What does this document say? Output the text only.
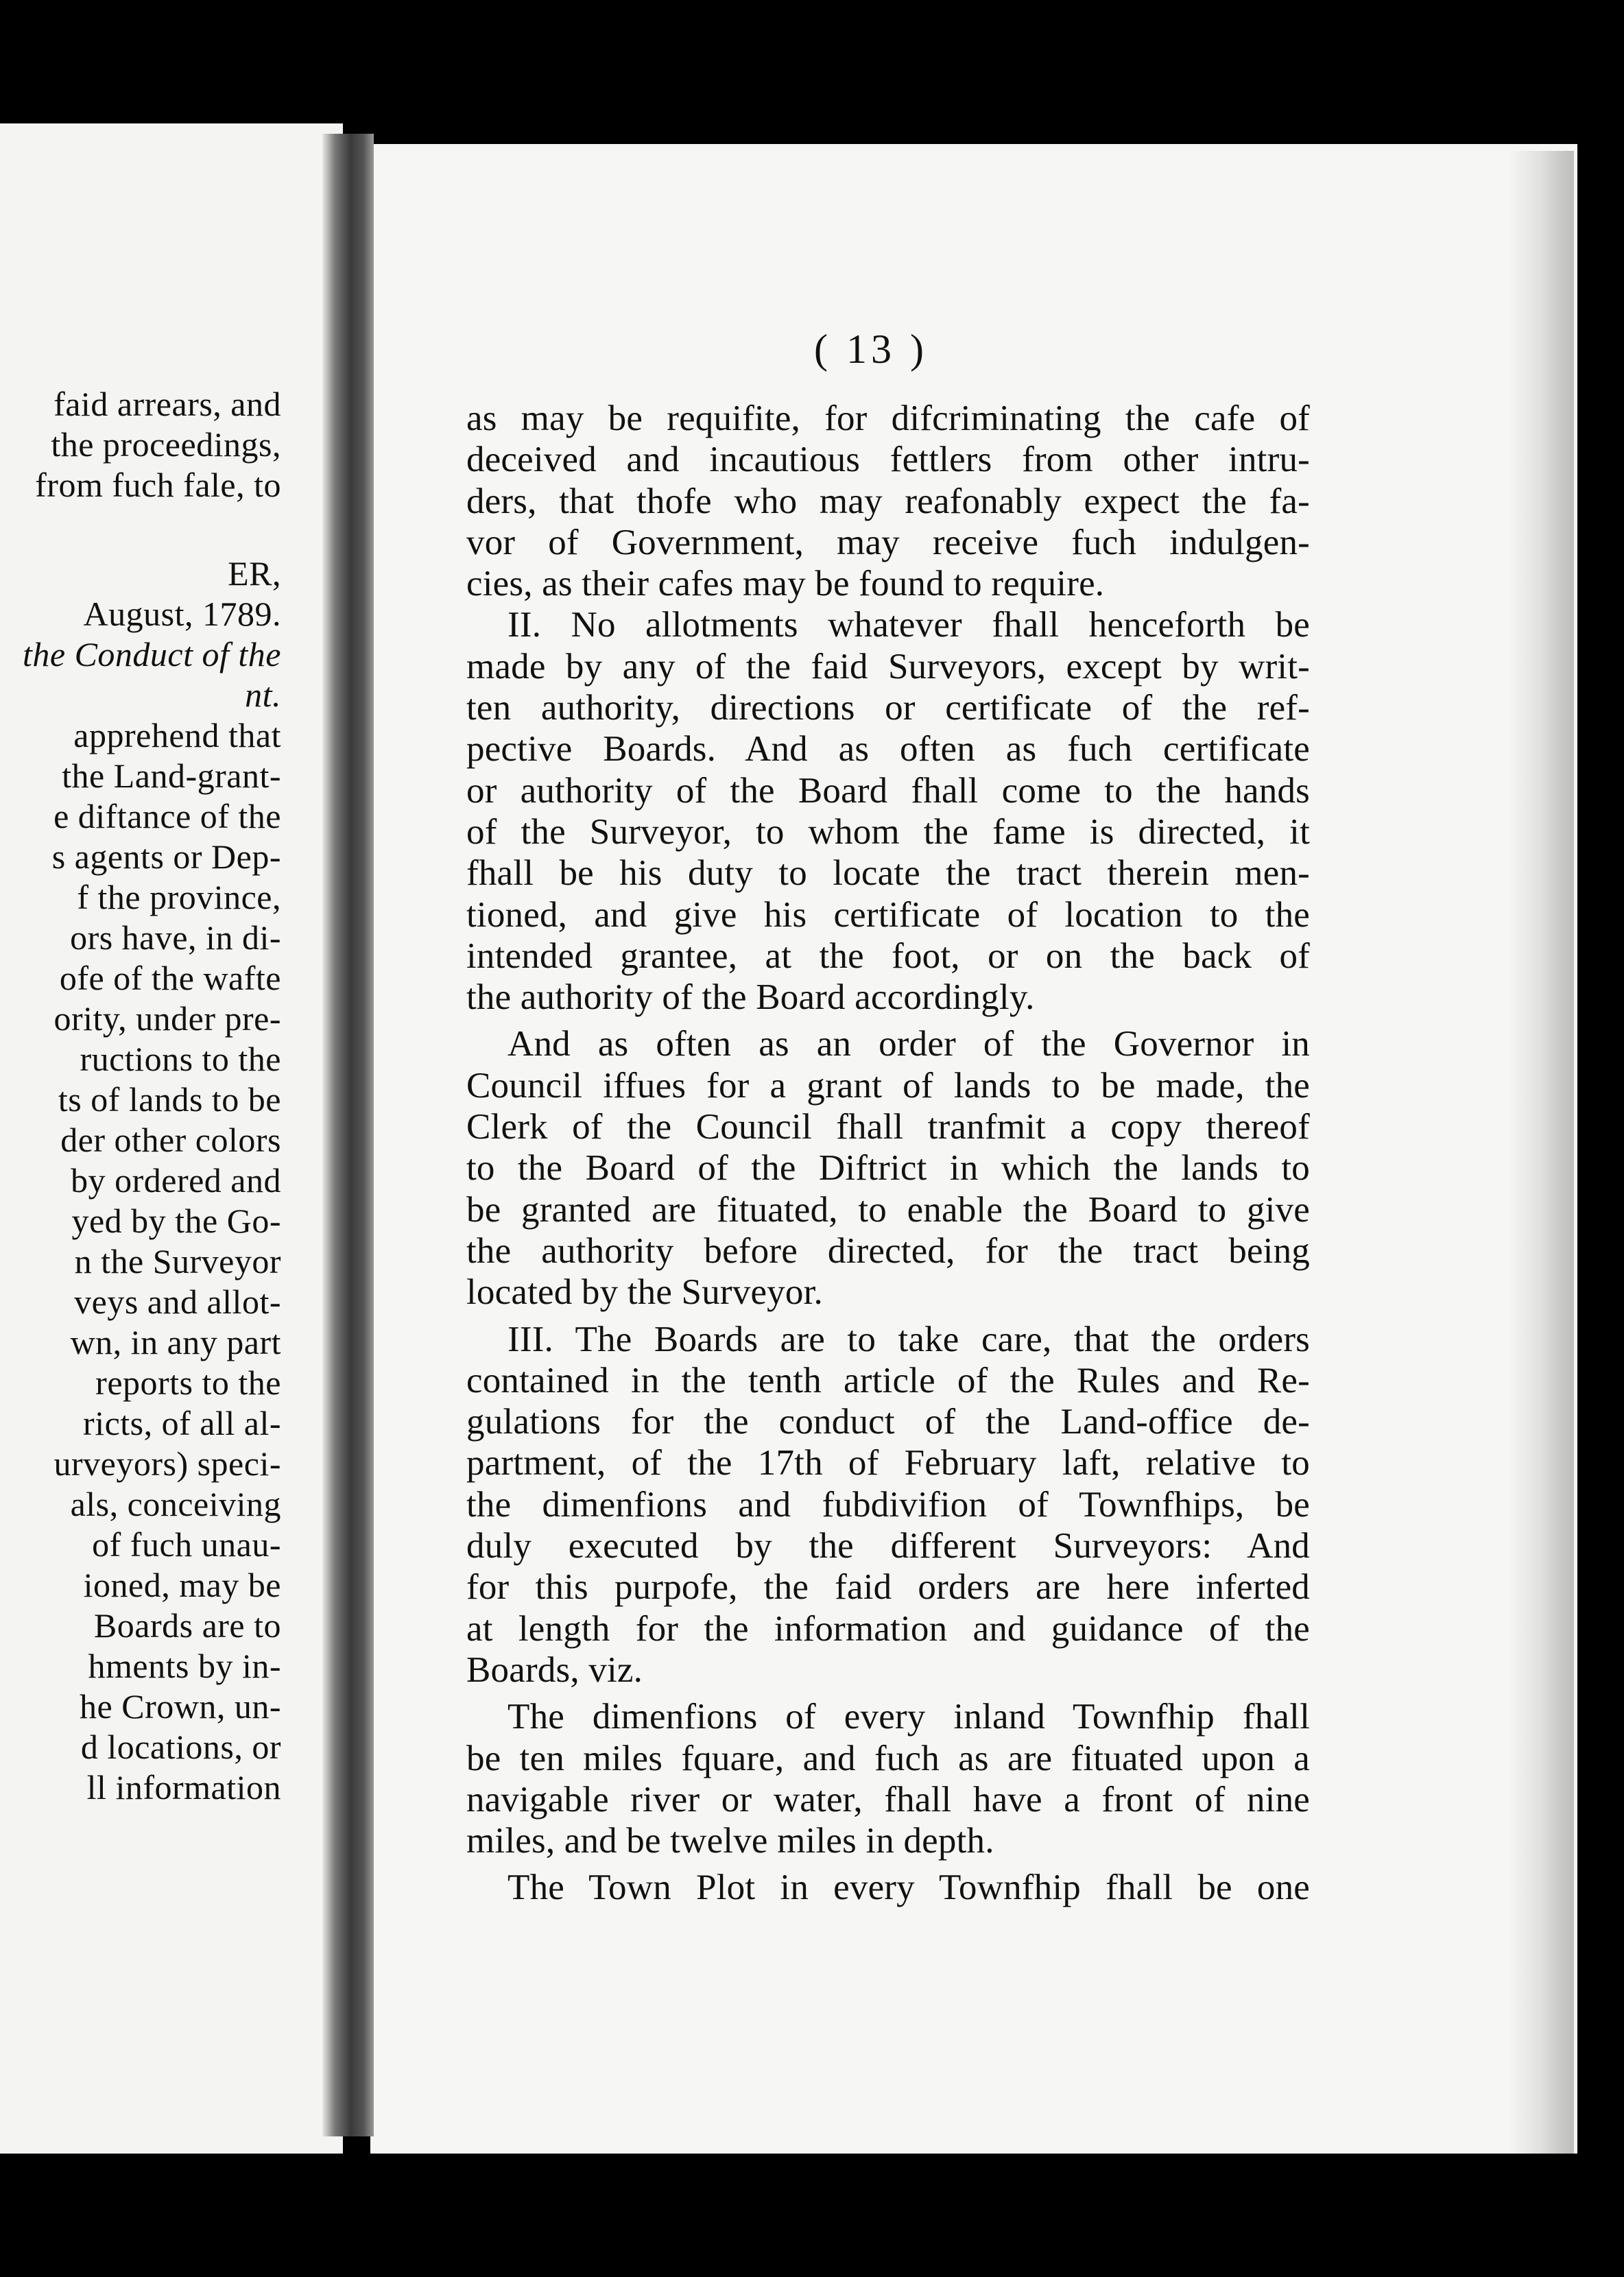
faid arrears, and
the proceedings,
from fuch fale, to
ER,
August, 1789.
the Conduct of the
nt.
apprehend that
the Land-grant-
e diftance of the
s agents or Dep-
f the province,
ors have, in di-
ofe of the wafte
ority, under pre-
ructions to the
ts of lands to be
der other colors
by ordered and
yed by the Go-
n the Surveyor
veys and allot-
wn, in any part
reports to the
ricts, of all al-
urveyors) speci-
als, conceiving
of fuch unau-
ioned, may be
Boards are to
hments by in-
he Crown, un-
d locations, or
ll information
( 13 )
as may be requifite, for difcriminating the cafe of
deceived and incautious fettlers from other intru-
ders, that thofe who may reafonably expect the fa-
vor of Government, may receive fuch indulgen-
cies, as their cafes may be found to require.
II. No allotments whatever fhall henceforth be
made by any of the faid Surveyors, except by writ-
ten authority, directions or certificate of the ref-
pective Boards. And as often as fuch certificate
or authority of the Board fhall come to the hands
of the Surveyor, to whom the fame is directed, it
fhall be his duty to locate the tract therein men-
tioned, and give his certificate of location to the
intended grantee, at the foot, or on the back of
the authority of the Board accordingly.
And as often as an order of the Governor in
Council iffues for a grant of lands to be made, the
Clerk of the Council fhall tranfmit a copy thereof
to the Board of the Diftrict in which the lands to
be granted are fituated, to enable the Board to give
the authority before directed, for the tract being
located by the Surveyor.
III. The Boards are to take care, that the orders
contained in the tenth article of the Rules and Re-
gulations for the conduct of the Land-office de-
partment, of the 17th of February laft, relative to
the dimenfions and fubdivifion of Townfhips, be
duly executed by the different Surveyors: And
for this purpofe, the faid orders are here inferted
at length for the information and guidance of the
Boards, viz.
The dimenfions of every inland Townfhip fhall
be ten miles fquare, and fuch as are fituated upon a
navigable river or water, fhall have a front of nine
miles, and be twelve miles in depth.
The Town Plot in every Townfhip fhall be one
